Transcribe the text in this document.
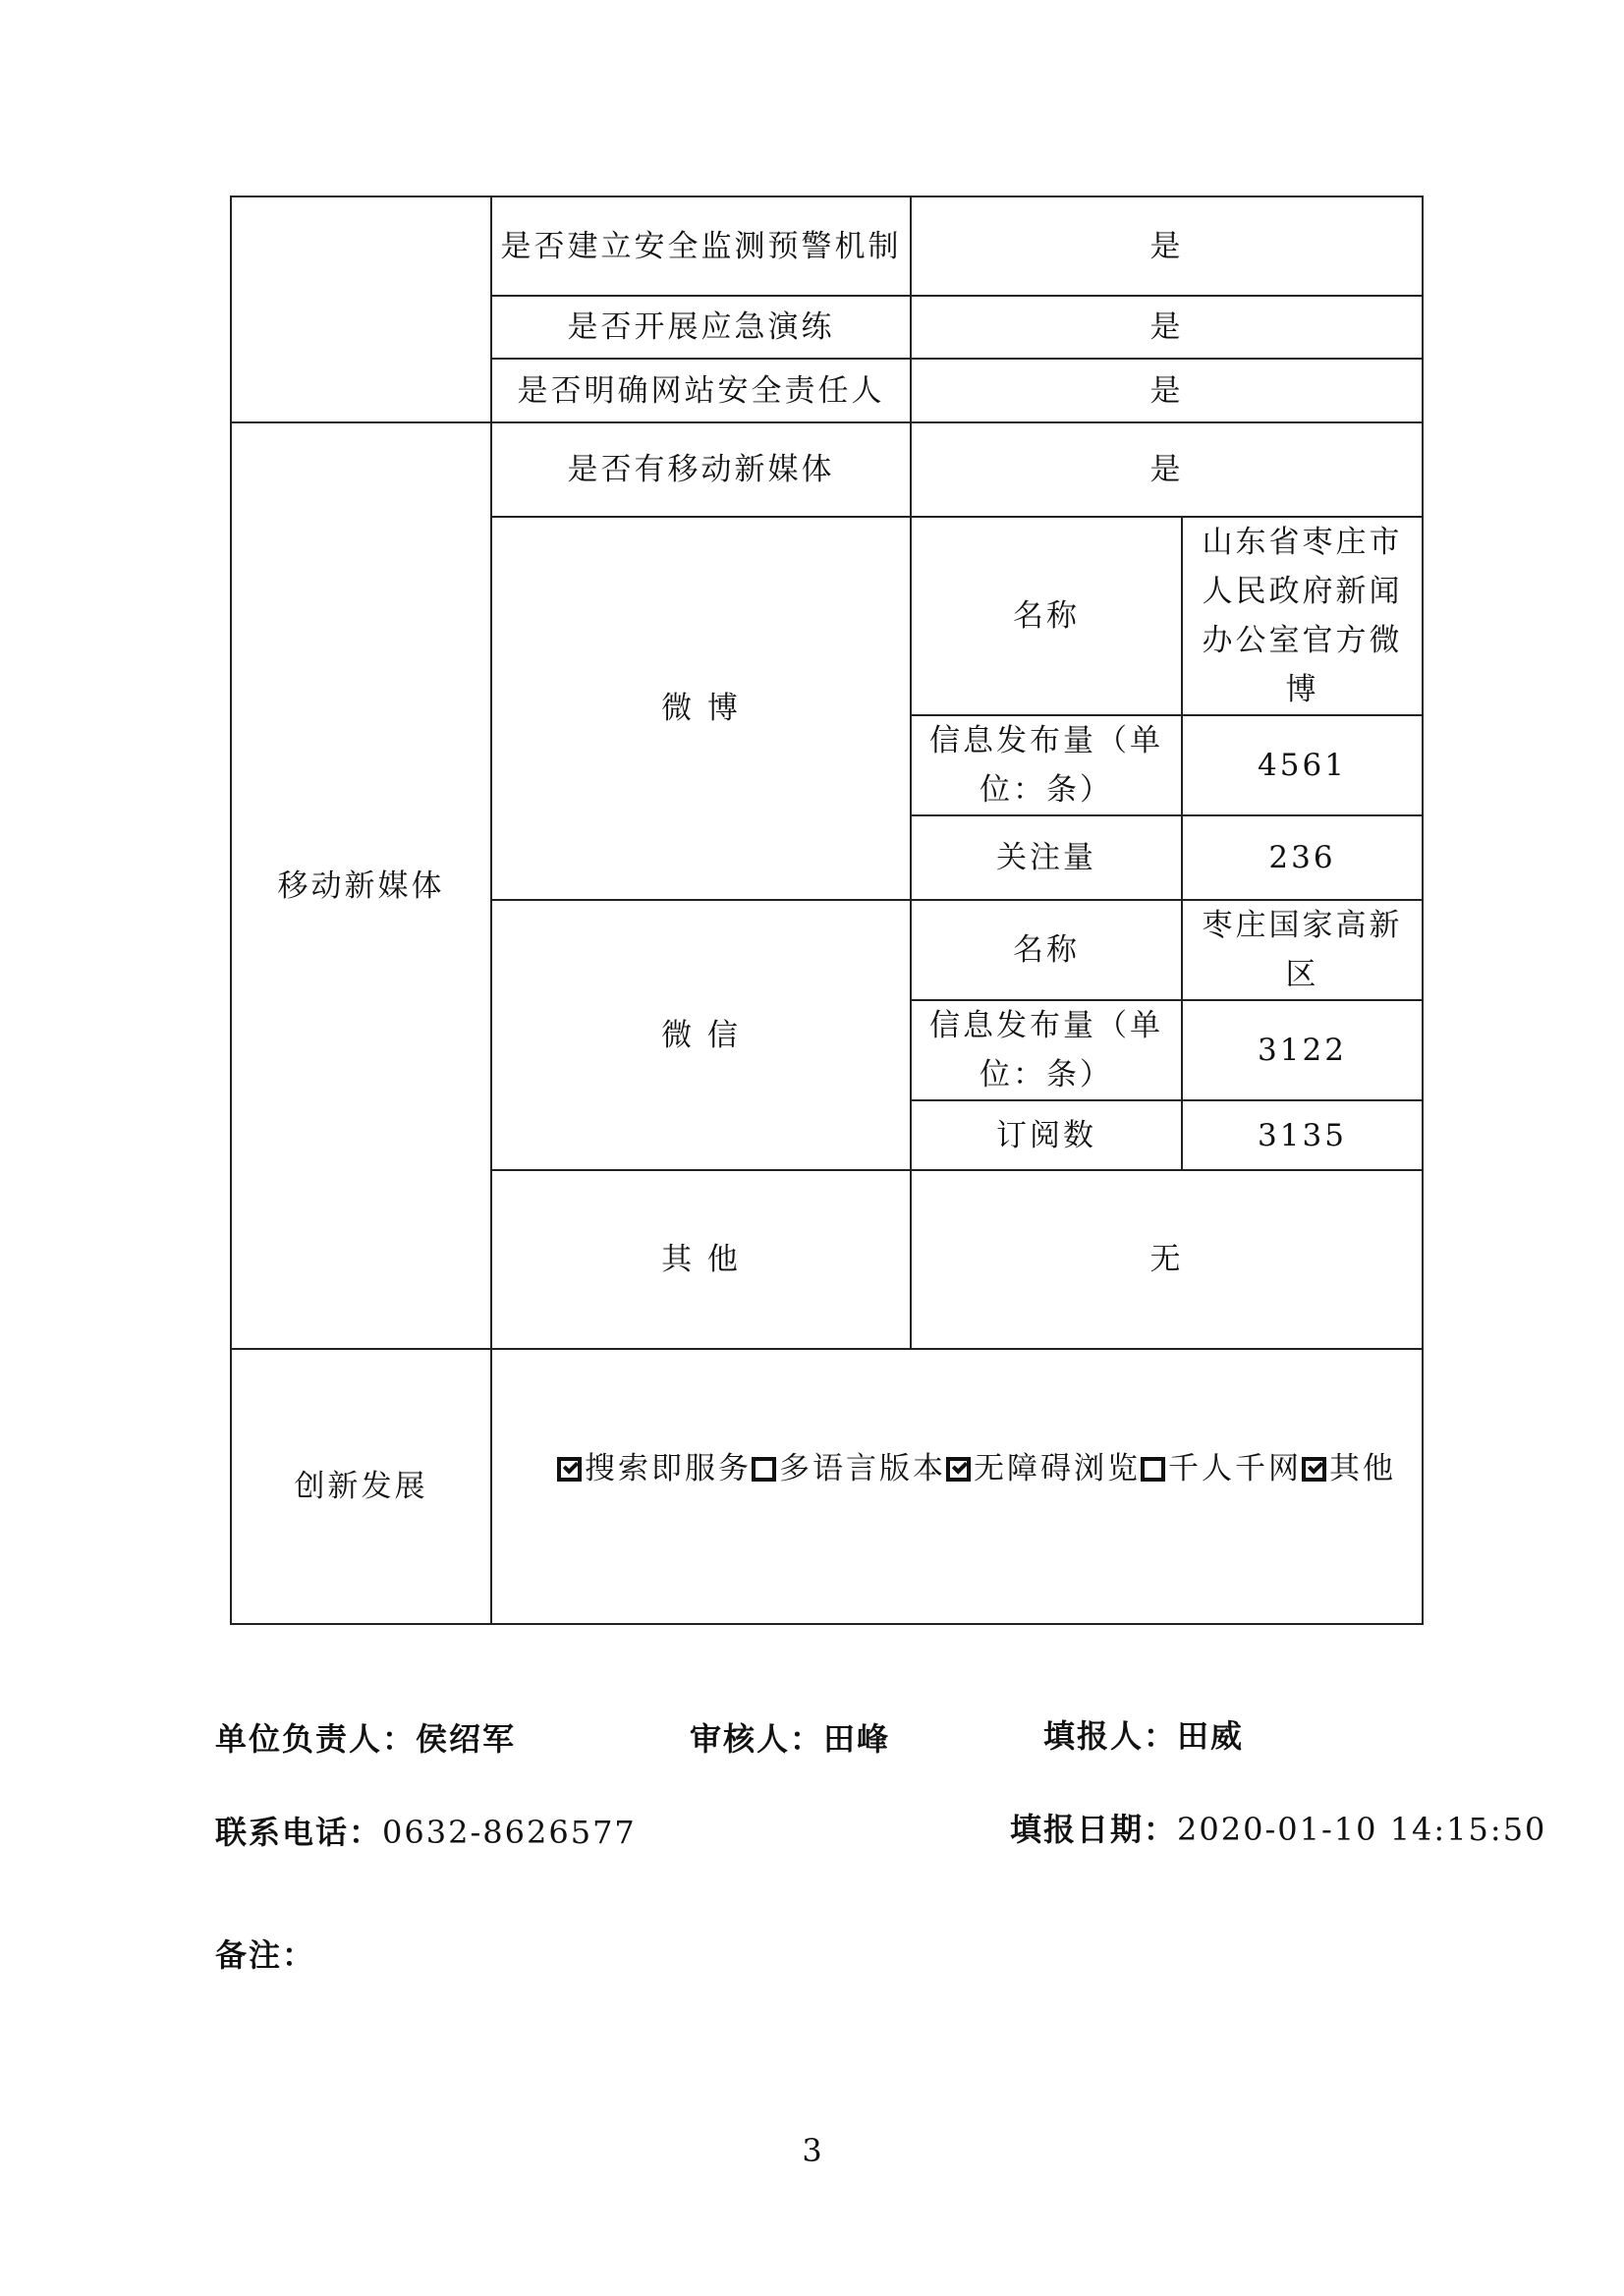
	是否建立安全监测预警机制	是	
	是否开展应急演练	是	
	是否明确网站安全责任人	是	
移动新媒体	是否有移动新媒体	是	
	微 博	名称	山东省枣庄市人民政府新闻办公室官方微博
		信息发布量（单位：条）	4561
		关注量	236
	微 信	名称	枣庄国家高新区
		信息发布量（单位：条）	3122
		订阅数	3135
	其 他	无	
创新发展	搜索即服务 多语言版本 无障碍浏览 千人千网 其他		
单位负责人：侯绍军	审核人：田峰	填报人：田威
联系电话：0632-8626577	填报日期：2020-01-10 14:15:50
备注：
3
